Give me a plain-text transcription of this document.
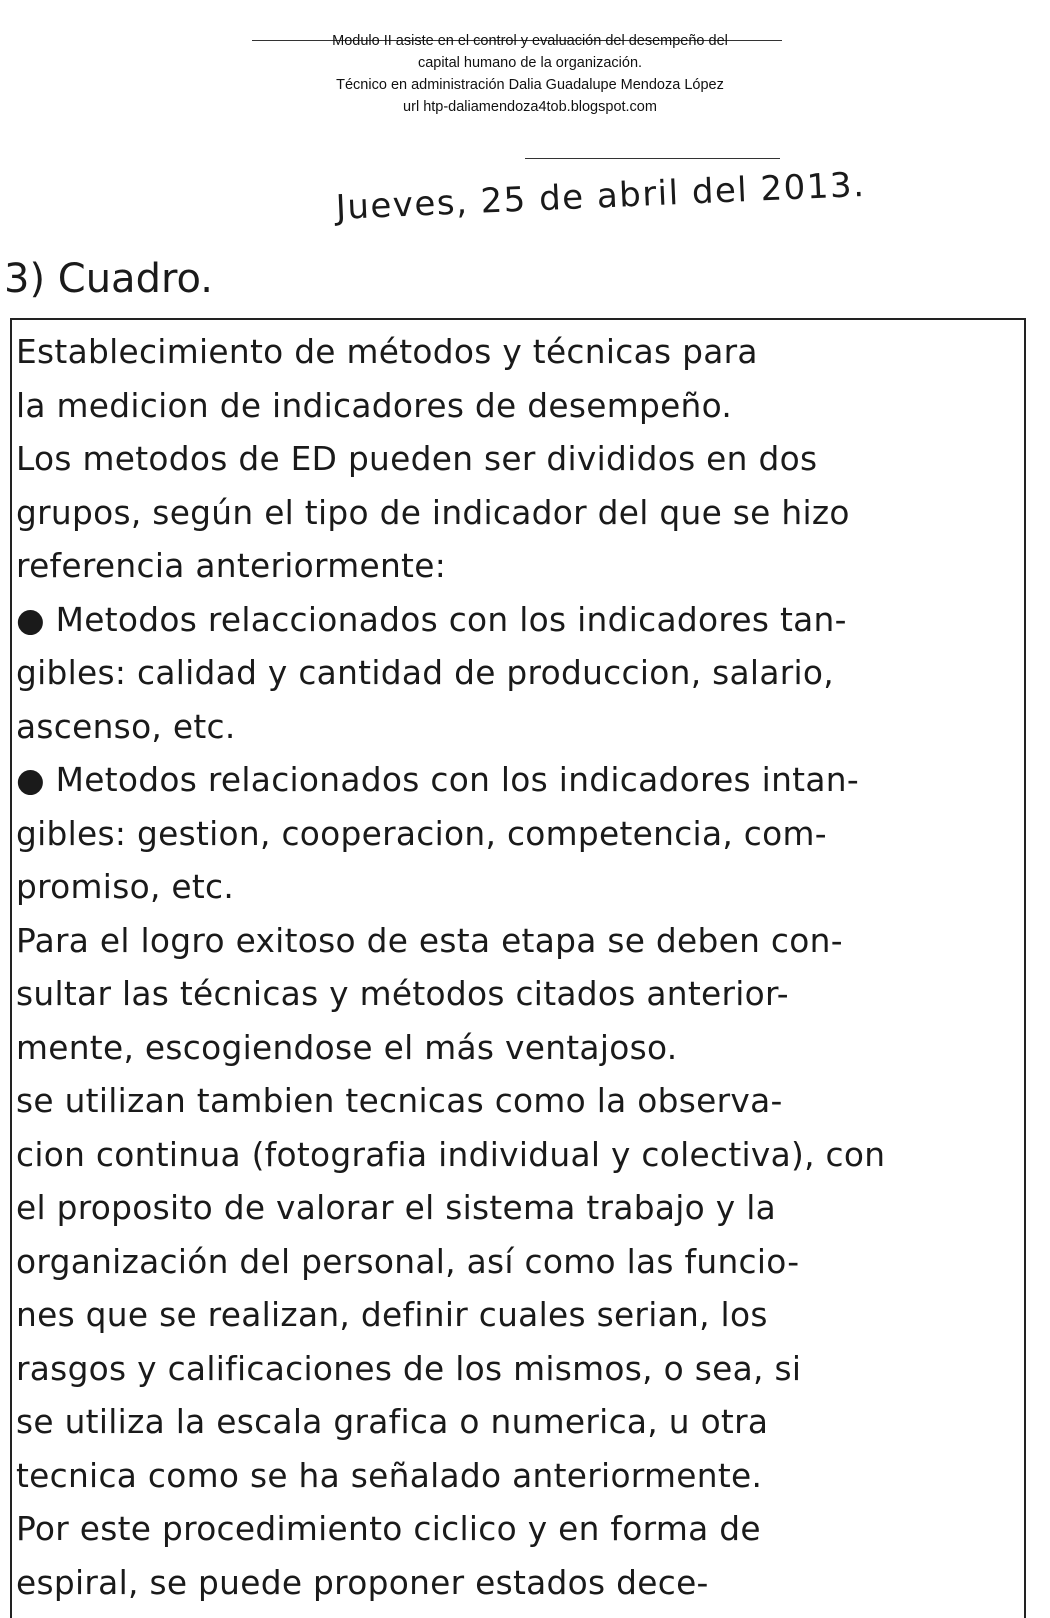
Modulo II asiste en el control y evaluación del desempeño del
capital humano de la organización.
Técnico en administración Dalia Guadalupe Mendoza López
url htp-daliamendoza4tob.blogspot.com
Jueves, 25 de abril del 2013.
3) Cuadro.
Establecimiento de métodos y técnicas para
la medicion de indicadores de desempeño.
Los metodos de ED pueden ser divididos en dos
grupos, según el tipo de indicador del que se hizo
referencia anteriormente:
● Metodos relaccionados con los indicadores tan-
gibles: calidad y cantidad de produccion, salario,
ascenso, etc.
● Metodos relacionados con los indicadores intan-
gibles: gestion, cooperacion, competencia, com-
promiso, etc.
Para el logro exitoso de esta etapa se deben con-
sultar las técnicas y métodos citados anterior-
mente, escogiendose el más ventajoso.
se utilizan tambien tecnicas como la observa-
cion continua (fotografia individual y colectiva), con
el proposito de valorar el sistema trabajo y la
organización del personal, así como las funcio-
nes que se realizan, definir cuales serian, los
rasgos y calificaciones de los mismos, o sea, si
se utiliza la escala grafica o numerica, u otra
tecnica como se ha señalado anteriormente.
Por este procedimiento ciclico y en forma de
espiral, se puede proponer estados dece-
